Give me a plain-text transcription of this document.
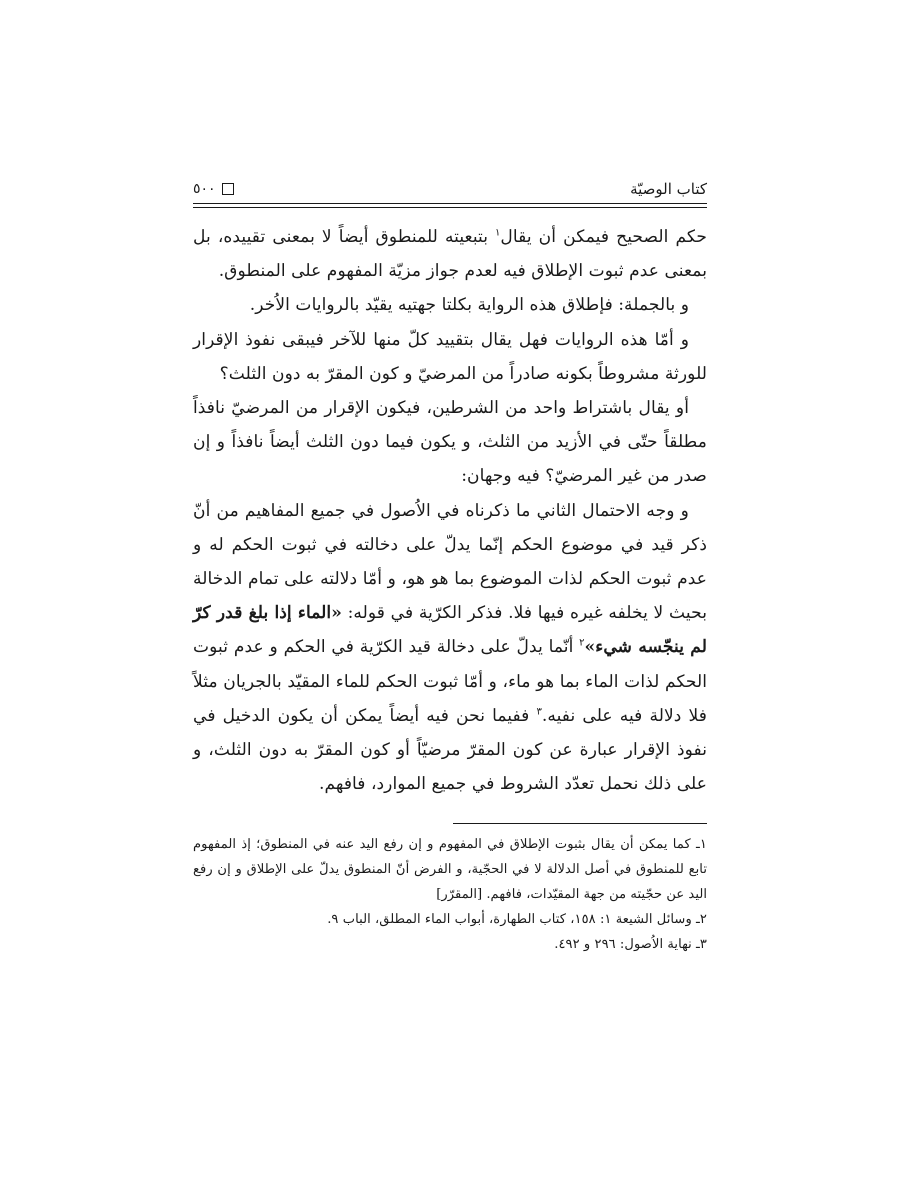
كتاب الوصيّة
٥٠٠

حكم الصحيح فيمكن أن يقال$^١$ بتبعيته للمنطوق أيضاً لا بمعنى تقييده، بل بمعنى عدم ثبوت الإطلاق فيه لعدم جواز مزيّة المفهوم على المنطوق.

و بالجملة: فإطلاق هذه الرواية بكلتا جهتيه يقيّد بالروايات الاُخر.

و أمّا هذه الروايات فهل يقال بتقييد كلّ منها للآخر فيبقى نفوذ الإقرار للورثة مشروطاً بكونه صادراً من المرضيّ و كون المقرّ به دون الثلث؟

أو يقال باشتراط واحد من الشرطين، فيكون الإقرار من المرضيّ نافذاً مطلقاً حتّى في الأزيد من الثلث، و يكون فيما دون الثلث أيضاً نافذاً و إن صدر من غير المرضيّ؟ فيه وجهان:

و وجه الاحتمال الثاني ما ذكرناه في الاُصول في جميع المفاهيم من أنّ ذكر قيد في موضوع الحكم إنّما يدلّ على دخالته في ثبوت الحكم له و عدم ثبوت الحكم لذات الموضوع بما هو هو، و أمّا دلالته على تمام الدخالة بحيث لا يخلفه غيره فيها فلا. فذكر الكرّية في قوله: «الماء إذا بلغ قدر كرّ لم ينجّسه شيء»$^٢$ أنّما يدلّ على دخالة قيد الكرّية في الحكم و عدم ثبوت الحكم لذات الماء بما هو ماء، و أمّا ثبوت الحكم للماء المقيّد بالجريان مثلاً فلا دلالة فيه على نفيه.$^٣$ ففيما نحن فيه أيضاً يمكن أن يكون الدخيل في نفوذ الإقرار عبارة عن كون المقرّ مرضيّاً أو كون المقرّ به دون الثلث، و على ذلك نحمل تعدّد الشروط في جميع الموارد، فافهم.

١ـ كما يمكن أن يقال بثبوت الإطلاق في المفهوم و إن رفع اليد عنه في المنطوق؛ إذ المفهوم تابع للمنطوق في أصل الدلالة لا في الحجّية، و الفرض أنّ المنطوق يدلّ على الإطلاق و إن رفع اليد عن حجّيته من جهة المقيّدات، فافهم. [المقرّر]

٢ـ وسائل الشيعة ١: ١٥٨، كتاب الطهارة، أبواب الماء المطلق، الباب ٩.

٣ـ نهاية الاُصول: ٢٩٦ و ٤٩٢.
